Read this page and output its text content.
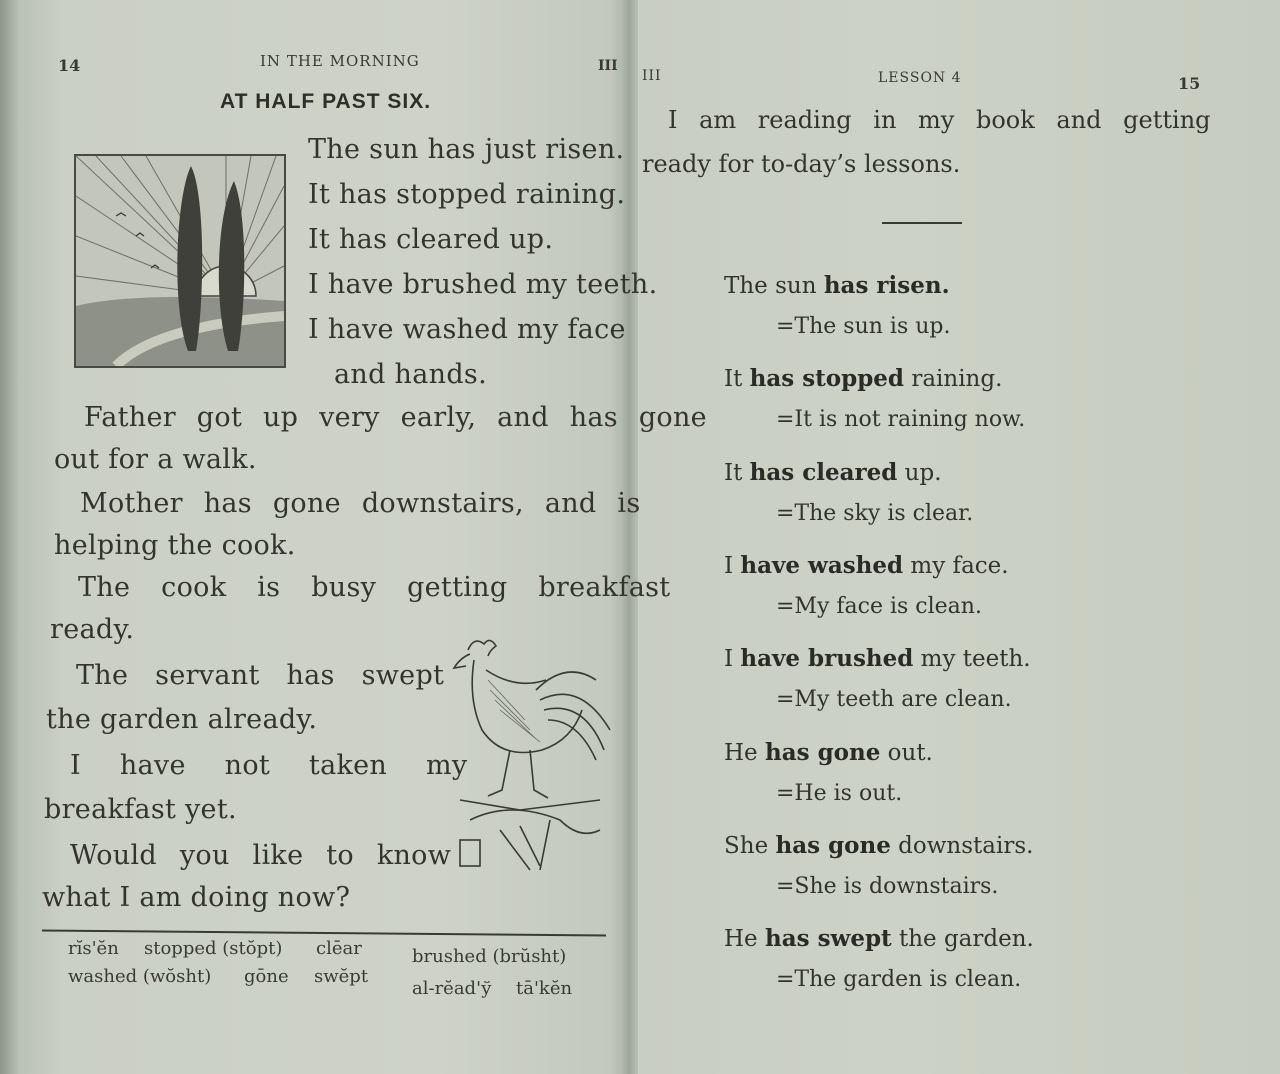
14	IN THE MORNING	III
AT HALF PAST SIX.
The sun has just risen.
It has stopped raining.
It has cleared up.
I have brushed my teeth.
I have washed my face
and hands.
Father got up very early, and has gone
out for a walk.
Mother has gone downstairs, and is
helping the cook.
The cook is busy getting breakfast
ready.
The servant has swept
the garden already.
I have not taken my
breakfast yet.
Would you like to know
what I am doing now?
rĭs'ĕn stopped (stŏpt) clēar	brushed (brŭsht)
washed (wŏsht) gōne swĕpt
al-rĕad'ў tā'kĕn
III	LESSON 4	15
I am reading in my book and getting
ready for to-day’s lessons.
The sun has risen.
=The sun is up.
It has stopped raining.
=It is not raining now.
It has cleared up.
=The sky is clear.
I have washed my face.
=My face is clean.
I have brushed my teeth.
=My teeth are clean.
He has gone out.
=He is out.
She has gone downstairs.
=She is downstairs.
He has swept the garden.
=The garden is clean.
